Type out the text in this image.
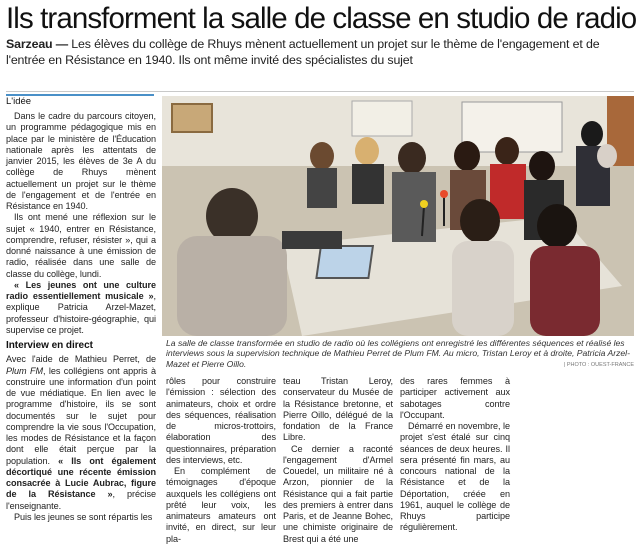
Ils transforment la salle de classe en studio de radio

Sarzeau — Les élèves du collège de Rhuys mènent actuellement un projet sur le thème de l'engagement et de l'entrée en Résistance en 1940. Ils ont même invité des spécialistes du sujet

L'idée

Dans le cadre du parcours citoyen, un programme pédagogique mis en place par le ministère de l'Éducation nationale après les attentats de janvier 2015, les élèves de 3e A du collège de Rhuys mènent actuellement un projet sur le thème de l'engagement et de l'entrée en Résistance en 1940.

Ils ont mené une réflexion sur le sujet « 1940, entrer en Résistance, comprendre, refuser, résister », qui a donné naissance à une émission de radio, réalisée dans une salle de classe du collège, lundi.

« Les jeunes ont une culture radio essentiellement musicale », explique Patricia Arzel-Mazet, professeur d'histoire-géographie, qui supervise ce projet.

Interview en direct

Avec l'aide de Mathieu Perret, de Plum FM, les collégiens ont appris à construire une information d'un point de vue médiatique. En lien avec le programme d'histoire, ils se sont documentés sur le sujet pour comprendre la vie sous l'Occupation, les modes de Résistance et la façon dont elle était perçue par la population. « Ils ont également décortiqué une récente émission consacrée à Lucie Aubrac, figure de la Résistance », précise l'enseignante.

Puis les jeunes se sont répartis les

La salle de classe transformée en studio de radio où les collégiens ont enregistré les différentes séquences et réalisé les interviews sous la supervision technique de Mathieu Perret de Plum FM. Au micro, Tristan Leroy et à droite, Patricia Arzel-Mazet et Pierre Oillo.	| PHOTO : OUEST-FRANCE

rôles pour construire l'émission : sélection des animateurs, choix et ordre des séquences, réalisation de micros-trottoirs, élaboration des questionnaires, préparation des interviews, etc.

En complément de témoignages d'époque auxquels les collégiens ont prêté leur voix, les animateurs amateurs ont invité, en direct, sur leur pla-

teau Tristan Leroy, conservateur du Musée de la Résistance bretonne, et Pierre Oillo, délégué de la fondation de la France Libre.

Ce dernier a raconté l'engagement d'Armel Couedel, un militaire né à Arzon, pionnier de la Résistance qui a fait partie des premiers à entrer dans Paris, et de Jeanne Bohec, une chimiste originaire de Brest qui a été une

des rares femmes à participer activement aux sabotages contre l'Occupant.

Démarré en novembre, le projet s'est étalé sur cinq séances de deux heures. Il sera présenté fin mars, au concours national de la Résistance et de la Déportation, créée en 1961, auquel le collège de Rhuys participe régulièrement.
